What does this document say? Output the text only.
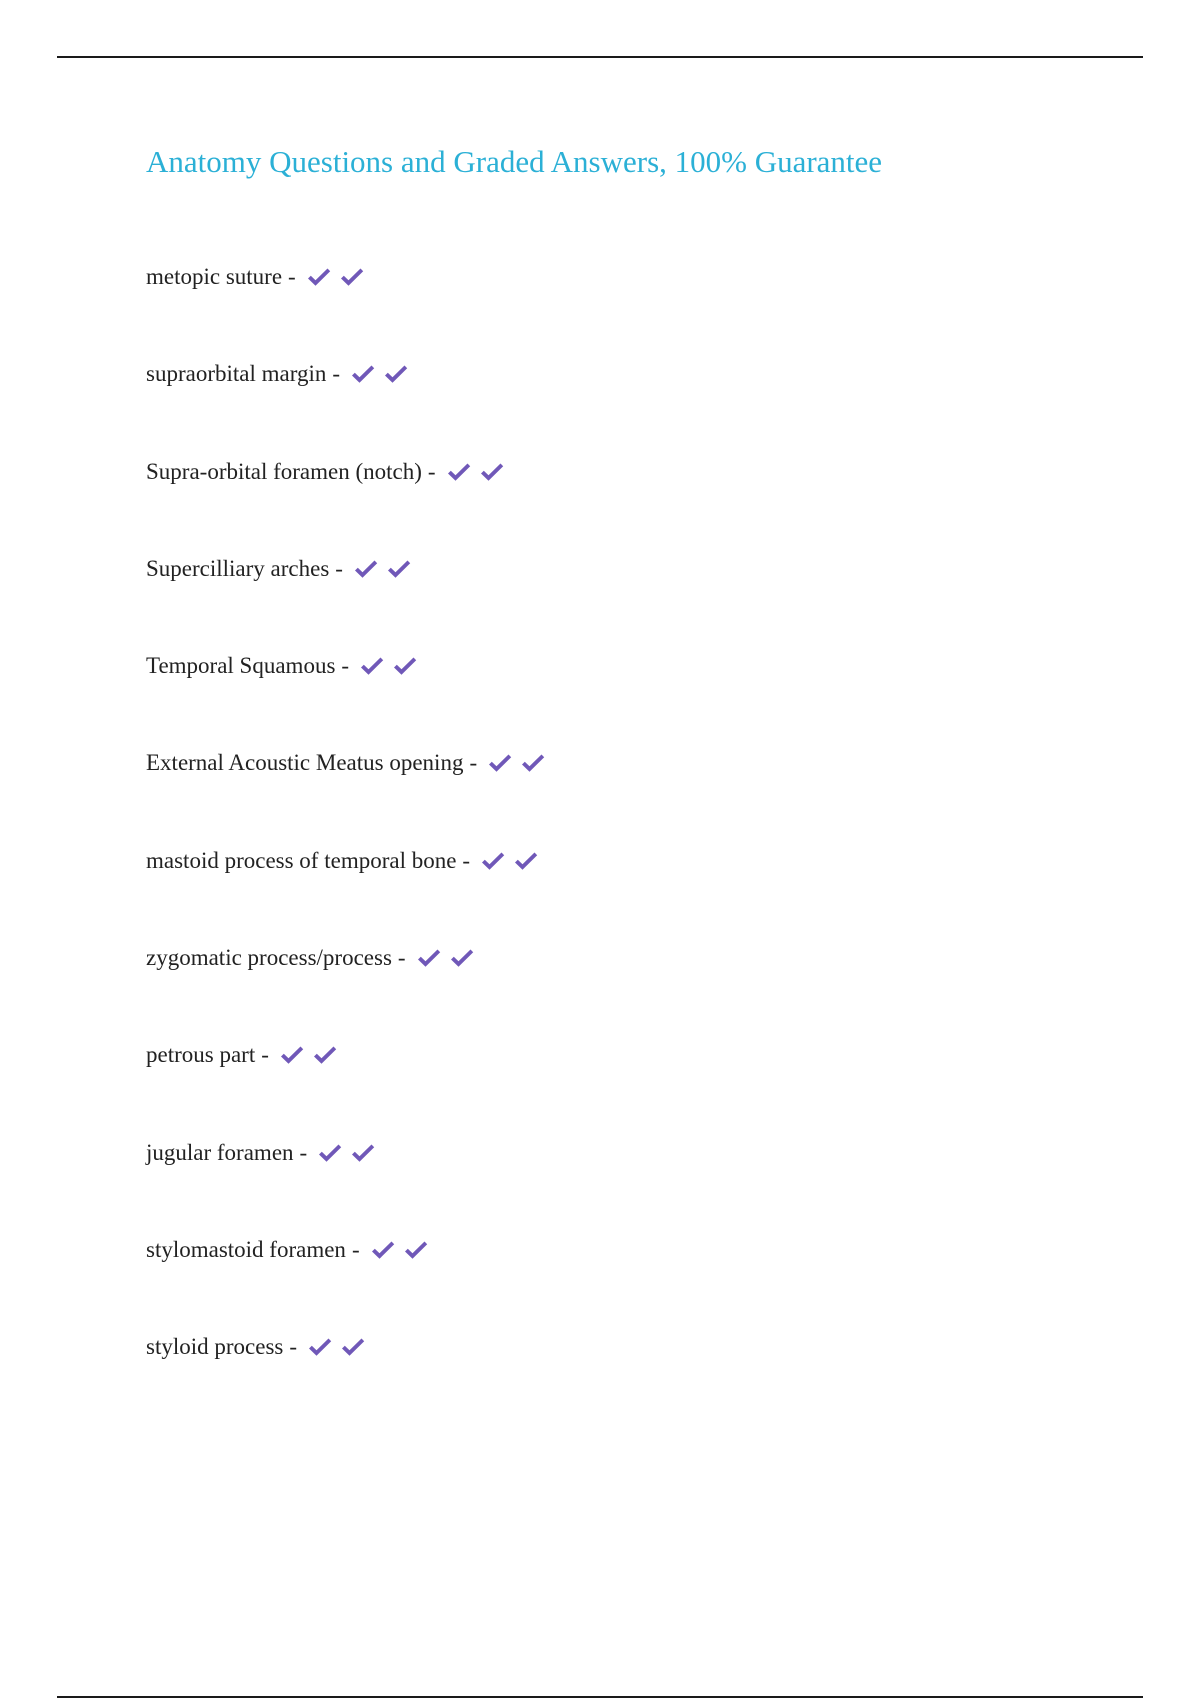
Anatomy Questions and Graded Answers, 100% Guarantee
metopic suture -
supraorbital margin -
Supra-orbital foramen (notch) -
Supercilliary arches -
Temporal Squamous -
External Acoustic Meatus opening -
mastoid process of temporal bone -
zygomatic process/process -
petrous part -
jugular foramen -
stylomastoid foramen -
styloid process -
